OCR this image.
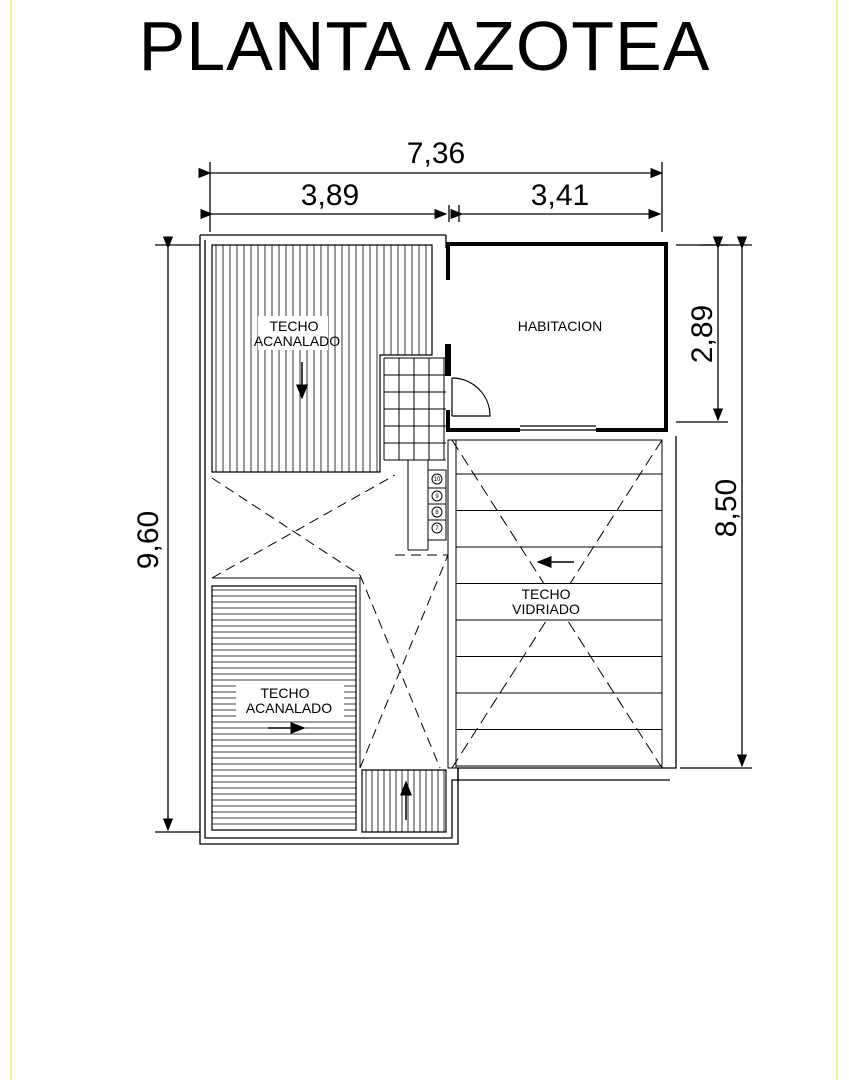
PLANTA AZOTEA
7,36
3,89	3,41
9,60
2,89
8,50
10
9
8
7
TECHO
ACANALADO
HABITACION
TECHO
VIDRIADO
TECHO
ACANALADO
